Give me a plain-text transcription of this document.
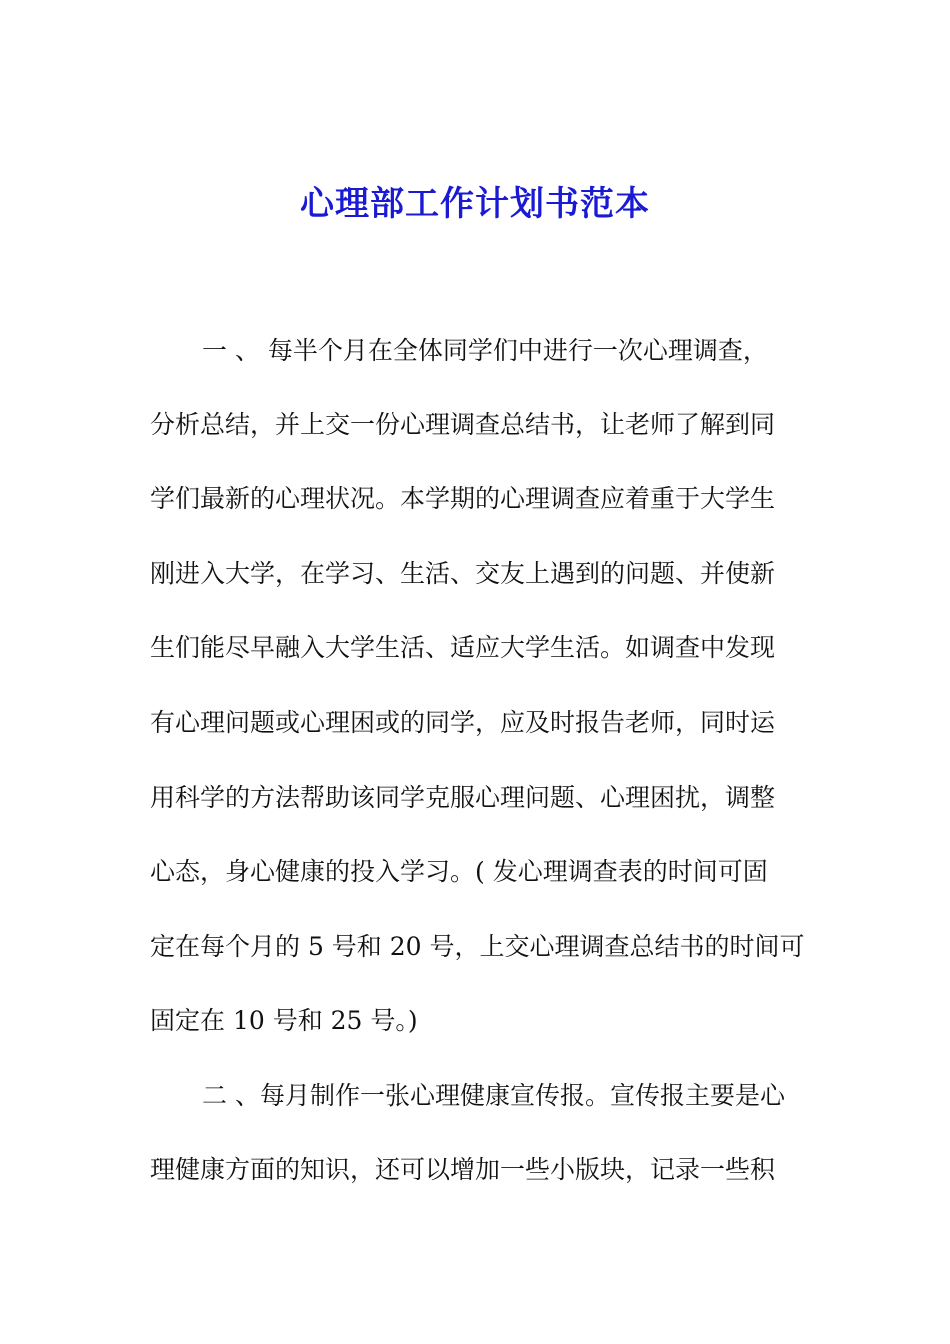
心理部工作计划书范本
一 、 每半个月在全体同学们中进行一次心理调查，
分析总结，并上交一份心理调查总结书，让老师了解到同
学们最新的心理状况。本学期的心理调查应着重于大学生
刚进入大学，在学习、生活、交友上遇到的问题、并使新
生们能尽早融入大学生活、适应大学生活。如调查中发现
有心理问题或心理困或的同学，应及时报告老师，同时运
用科学的方法帮助该同学克服心理问题、心理困扰，调整
心态，身心健康的投入学习。( 发心理调查表的时间可固
定在每个月的 5 号和 20 号，上交心理调查总结书的时间可
固定在 10 号和 25 号。)
二 、每月制作一张心理健康宣传报。宣传报主要是心
理健康方面的知识，还可以增加一些小版块，记录一些积
